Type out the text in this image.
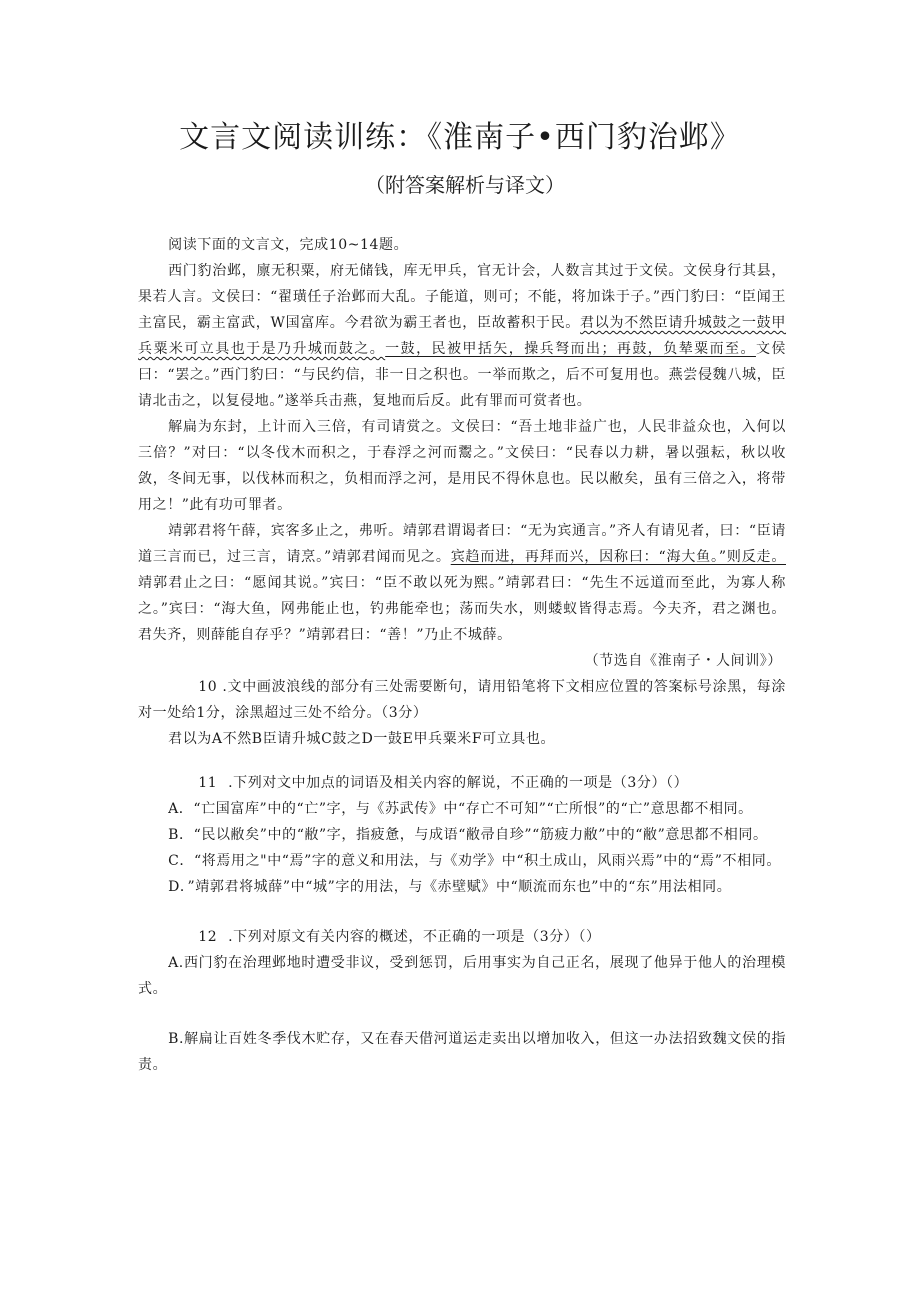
文言文阅读训练：《淮南子•西门豹治邺》
（附答案解析与译文）

阅读下面的文言文，完成10~14题。

西门豹治邺，廪无积粟，府无储钱，库无甲兵，官无计会，人数言其过于文侯。文侯身行其县，果若人言。文侯曰：“翟璜任子治邺而大乱。子能道，则可；不能，将加诛于子。”西门豹曰：“臣闻王主富民，霸主富武，W国富库。今君欲为霸王者也，臣故蓄积于民。君以为不然臣请升城鼓之一鼓甲兵粟米可立具也于是乃升城而鼓之。一鼓，民被甲括矢，操兵弩而出；再鼓，负辇粟而至。文侯曰：“罢之。”西门豹曰：“与民约信，非一日之积也。一举而欺之，后不可复用也。燕尝侵魏八城，臣请北击之，以复侵地。”遂举兵击燕，复地而后反。此有罪而可赏者也。

解扁为东封，上计而入三倍，有司请赏之。文侯曰：“吾土地非益广也，人民非益众也，入何以三倍？”对曰：“以冬伐木而积之，于春浮之河而鬻之。”文侯曰：“民春以力耕，暑以强耘，秋以收敛，冬间无事，以伐林而积之，负相而浮之河，是用民不得休息也。民以敝矣，虽有三倍之入，将带用之！”此有功可罪者。

靖郭君将午薛，宾客多止之，弗听。靖郭君谓谒者曰：“无为宾通言。”齐人有请见者，曰：“臣请道三言而已，过三言，请烹。”靖郭君闻而见之。宾趋而进，再拜而兴，因称曰：“海大鱼。”则反走。靖郭君止之曰：“愿闻其说。”宾曰：“臣不敢以死为熙。”靖郭君曰：“先生不远道而至此，为寡人称之。”宾曰：“海大鱼，网弗能止也，钓弗能牵也；荡而失水，则蝼蚁皆得志焉。今夫齐，君之渊也。君失齐，则薛能自存乎？”靖郭君曰：“善！”乃止不城薛。

（节选自《淮南子・人间训》）

10 .文中画波浪线的部分有三处需要断句，请用铅笔将下文相应位置的答案标号涂黑，每涂对一处给1分，涂黑超过三处不给分。（3分）

君以为A不然B臣请升城C鼓之D一鼓E甲兵粟米F可立具也。

11 .下列对文中加点的词语及相关内容的解说，不正确的一项是（3分）（）

A．“亡国富库”中的“亡”字，与《苏武传》中“存亡不可知”“亡所恨”的“亡”意思都不相同。

B．“民以敝矣”中的“敝”字，指疲惫，与成语“敝帚自珍”“筋疲力敝”中的“敝”意思都不相同。

C．“将焉用之"中“焉”字的意义和用法，与《劝学》中“积土成山，风雨兴焉”中的“焉”不相同。

D．”靖郭君将城薛”中“城”字的用法，与《赤壁赋》中“顺流而东也”中的“东”用法相同。

12 .下列对原文有关内容的概述，不正确的一项是（3分）（）

A.西门豹在治理邺地时遭受非议，受到惩罚，后用事实为自己正名，展现了他异于他人的治理模式。

B.解扁让百姓冬季伐木贮存，又在春天借河道运走卖出以增加收入，但这一办法招致魏文侯的指责。
